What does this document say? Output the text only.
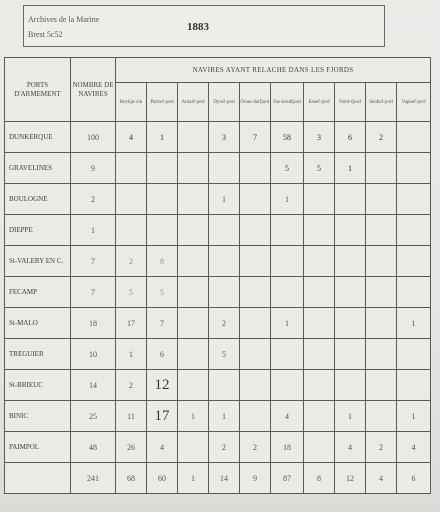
Archives de la Marine
Brest 5c52
1883
PORTS D'ARMEMENT	NOMBRE DE NAVIRES	NAVIRES AYANT RELACHE DANS LES FJORDS									
		Reykja-vik	Patrixf-jord	Arnarf-jord	Dyref-jord	Onun-darfjord	Fas-krudfjord	Eskef-jord	Nord-fjord	Seidisf-jord	Vapnef-jord
DUNKERQUE	100	4	1		3	7	58	3	6	2	
GRAVELINES	9						5	5	1		
BOULOGNE	2				1		1				
DIEPPE	1										
St-VALERY EN C.	7	2	8								
FECAMP	7	5	5								
St-MALO	18	17	7		2		1				1
TREGUIER	10	1	6		5						
St-BRIEUC	14	2	12								
BINIC	25	11	17	1	1		4		1		1
PAIMPOL	48	26	4		2	2	18		4	2	4
	241	68	60	1	14	9	87	8	12	4	6
